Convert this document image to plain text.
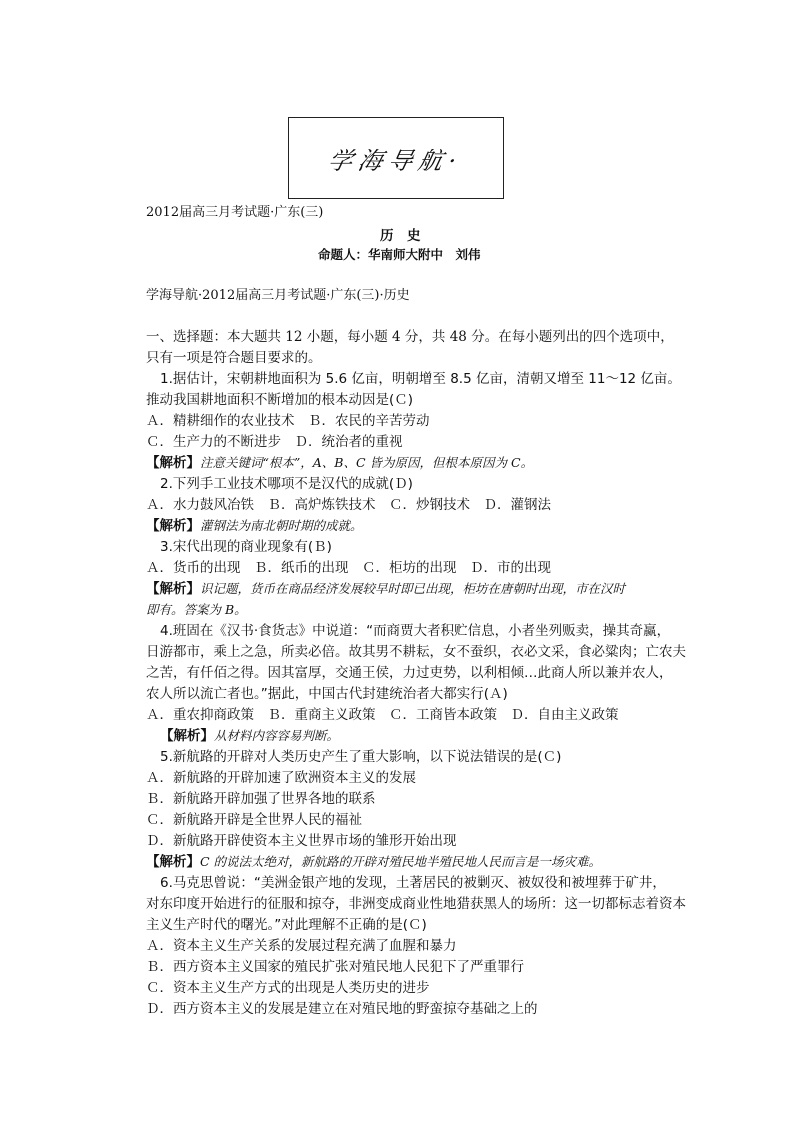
学海导航·
2012届高三月考试题·广东(三)
历　史
命题人：华南师大附中　刘伟
学海导航·2012届高三月考试题·广东(三)·历史
一、选择题：本大题共 12 小题，每小题 4 分，共 48 分。在每小题列出的四个选项中，
只有一项是符合题目要求的。
1.据估计，宋朝耕地面积为 5.6 亿亩，明朝增至 8.5 亿亩，清朝又增至 11～12 亿亩。
推动我国耕地面积不断增加的根本动因是(Ｃ)
Ａ．精耕细作的农业技术　Ｂ．农民的辛苦劳动
Ｃ．生产力的不断进步　Ｄ．统治者的重视
【解析】注意关键词“根本”，A、B、C 皆为原因，但根本原因为 C。
2.下列手工业技术哪项不是汉代的成就(Ｄ)
Ａ．水力鼓风冶铁　Ｂ．高炉炼铁技术　Ｃ．炒钢技术　Ｄ．灌钢法
【解析】灌钢法为南北朝时期的成就。
3.宋代出现的商业现象有(Ｂ)
Ａ．货币的出现　Ｂ．纸币的出现　Ｃ．柜坊的出现　Ｄ．市的出现
【解析】识记题，货币在商品经济发展较早时即已出现，柜坊在唐朝时出现，市在汉时
即有。答案为 B。
4.班固在《汉书·食货志》中说道：“而商贾大者积贮信息，小者坐列贩卖，操其奇赢，
日游都市，乘上之急，所卖必倍。故其男不耕耘，女不蚕织，衣必文采，食必粱肉；亡农夫
之苦，有仟佰之得。因其富厚，交通王侯，力过吏势，以利相倾…此商人所以兼并农人，
农人所以流亡者也。”据此，中国古代封建统治者大都实行(Ａ)
Ａ．重农抑商政策　Ｂ．重商主义政策　Ｃ．工商皆本政策　Ｄ．自由主义政策
【解析】从材料内容容易判断。
5.新航路的开辟对人类历史产生了重大影响，以下说法错误的是(Ｃ)
Ａ．新航路的开辟加速了欧洲资本主义的发展
Ｂ．新航路开辟加强了世界各地的联系
Ｃ．新航路开辟是全世界人民的福祉
Ｄ．新航路开辟使资本主义世界市场的雏形开始出现
【解析】C 的说法太绝对，新航路的开辟对殖民地半殖民地人民而言是一场灾难。
6.马克思曾说：“美洲金银产地的发现，土著居民的被剿灭、被奴役和被埋葬于矿井，
对东印度开始进行的征服和掠夺，非洲变成商业性地猎获黑人的场所：这一切都标志着资本
主义生产时代的曙光。”对此理解不正确的是(Ｃ)
Ａ．资本主义生产关系的发展过程充满了血腥和暴力
Ｂ．西方资本主义国家的殖民扩张对殖民地人民犯下了严重罪行
Ｃ．资本主义生产方式的出现是人类历史的进步
Ｄ．西方资本主义的发展是建立在对殖民地的野蛮掠夺基础之上的
